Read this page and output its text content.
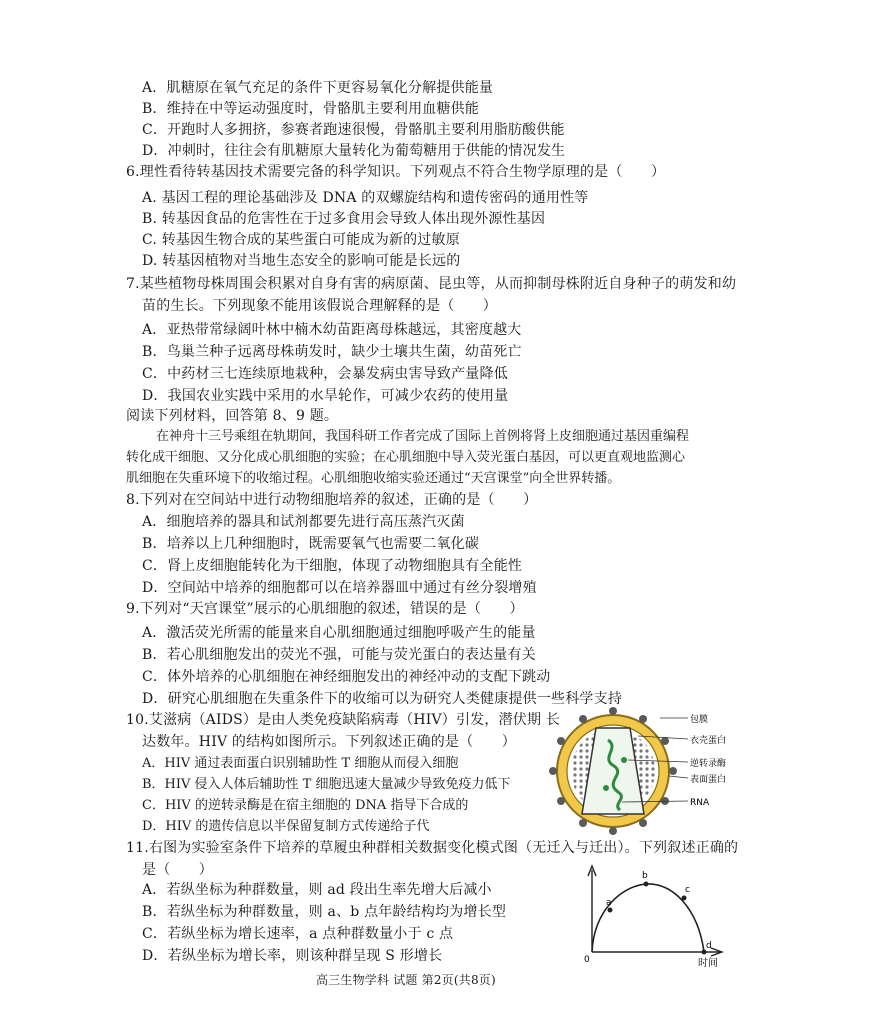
A．肌糖原在氧气充足的条件下更容易氧化分解提供能量
B．维持在中等运动强度时，骨骼肌主要利用血糖供能
C．开跑时人多拥挤，参赛者跑速很慢，骨骼肌主要利用脂肪酸供能
D．冲刺时，往往会有肌糖原大量转化为葡萄糖用于供能的情况发生
6.理性看待转基因技术需要完备的科学知识。下列观点不符合生物学原理的是（　　）
A. 基因工程的理论基础涉及 DNA 的双螺旋结构和遗传密码的通用性等
B. 转基因食品的危害性在于过多食用会导致人体出现外源性基因
C. 转基因生物合成的某些蛋白可能成为新的过敏原
D. 转基因植物对当地生态安全的影响可能是长远的
7.某些植物母株周围会积累对自身有害的病原菌、昆虫等，从而抑制母株附近自身种子的萌发和幼
苗的生长。下列现象不能用该假说合理解释的是（　　）
A．亚热带常绿阔叶林中楠木幼苗距离母株越远，其密度越大
B．鸟巢兰种子远离母株萌发时，缺少土壤共生菌，幼苗死亡
C．中药材三七连续原地栽种，会暴发病虫害导致产量降低
D．我国农业实践中采用的水旱轮作，可减少农药的使用量
阅读下列材料，回答第 8、9 题。
在神舟十三号乘组在轨期间，我国科研工作者完成了国际上首例将肾上皮细胞通过基因重编程
转化成干细胞、又分化成心肌细胞的实验；在心肌细胞中导入荧光蛋白基因，可以更直观地监测心
肌细胞在失重环境下的收缩过程。心肌细胞收缩实验还通过“天宫课堂”向全世界转播。
8.下列对在空间站中进行动物细胞培养的叙述，正确的是（　　）
A．细胞培养的器具和试剂都要先进行高压蒸汽灭菌
B．培养以上几种细胞时，既需要氧气也需要二氧化碳
C．肾上皮细胞能转化为干细胞，体现了动物细胞具有全能性
D．空间站中培养的细胞都可以在培养器皿中通过有丝分裂增殖
9.下列对“天宫课堂”展示的心肌细胞的叙述，错误的是（　　）
A．激活荧光所需的能量来自心肌细胞通过细胞呼吸产生的能量
B．若心肌细胞发出的荧光不强，可能与荧光蛋白的表达量有关
C．体外培养的心肌细胞在神经细胞发出的神经冲动的支配下跳动
D．研究心肌细胞在失重条件下的收缩可以为研究人类健康提供一些科学支持
10.艾滋病（AIDS）是由人类免疫缺陷病毒（HIV）引发，潜伏期 长
达数年。HIV 的结构如图所示。下列叙述正确的是（　　）
A．HIV 通过表面蛋白识别辅助性 T 细胞从而侵入细胞
B．HIV 侵入人体后辅助性 T 细胞迅速大量减少导致免疫力低下
C．HIV 的逆转录酶是在宿主细胞的 DNA 指导下合成的
D．HIV 的遗传信息以半保留复制方式传递给子代
包膜
衣壳蛋白
逆转录酶
表面蛋白
RNA
11.右图为实验室条件下培养的草履虫种群相关数据变化模式图（无迁入与迁出）。下列叙述正确的
是（　　）
A．若纵坐标为种群数量，则 ad 段出生率先增大后减小
B．若纵坐标为种群数量，则 a、b 点年龄结构均为增长型
C．若纵坐标为增长速率，a 点种群数量小于 c 点
D．若纵坐标为增长率，则该种群呈现 S 形增长
a
b
c
d
0	时间
高三生物学科 试题 第2页(共8页)
